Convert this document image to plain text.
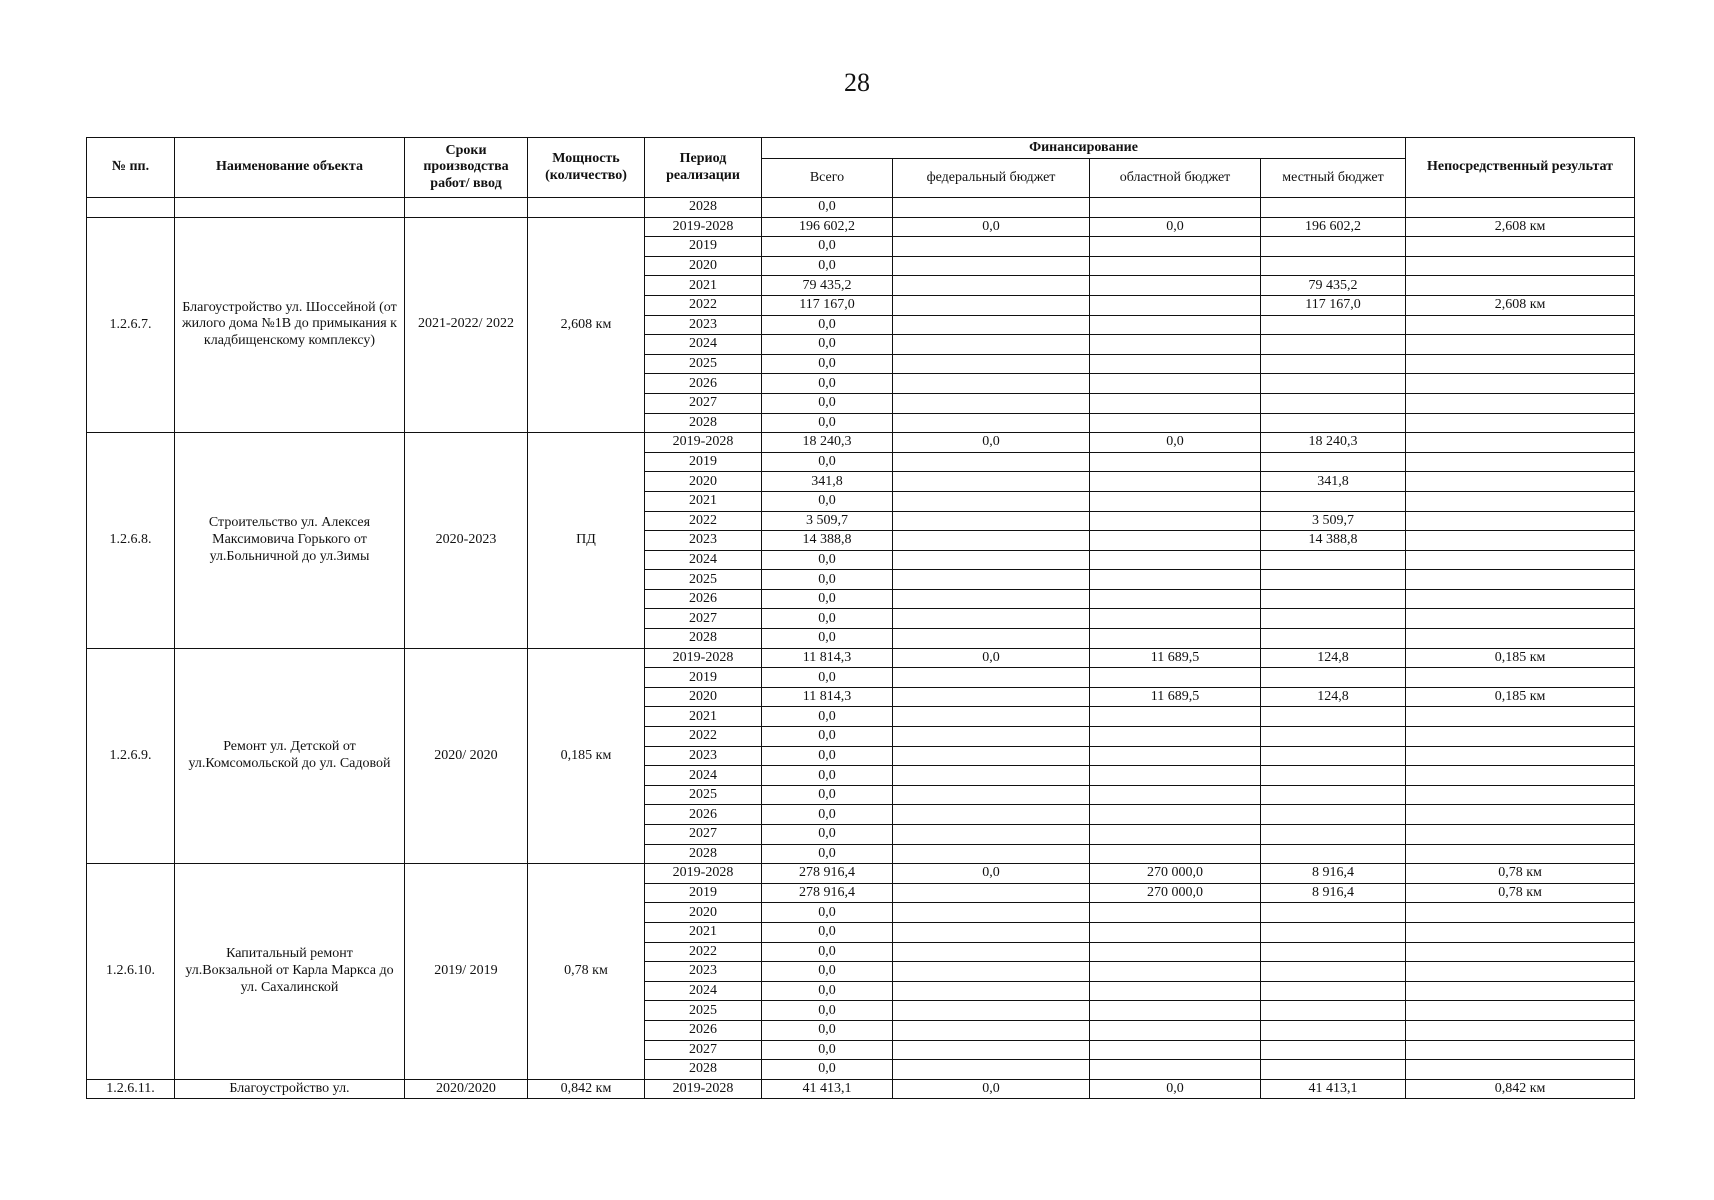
28
№ пп.	Наименование объекта	Сроки производства работ/ ввод	Мощность (количество)	Период реализации	Финансирование				Непосредственный результат
					Всего	федеральный бюджет	областной бюджет	местный бюджет	
				2028	0,0				
1.2.6.7.	Благоустройство ул. Шоссейной (от жилого дома №1В до примыкания к кладбищенскому комплексу)	2021-2022/ 2022	2,608 км	2019-2028	196 602,2	0,0	0,0	196 602,2	2,608 км
				2019	0,0				
				2020	0,0				
				2021	79 435,2			79 435,2	
				2022	117 167,0			117 167,0	2,608 км
				2023	0,0				
				2024	0,0				
				2025	0,0				
				2026	0,0				
				2027	0,0				
				2028	0,0				
1.2.6.8.	Строительство ул. Алексея Максимовича Горького от ул.Больничной до ул.Зимы	2020-2023	ПД	2019-2028	18 240,3	0,0	0,0	18 240,3	
				2019	0,0				
				2020	341,8			341,8	
				2021	0,0				
				2022	3 509,7			3 509,7	
				2023	14 388,8			14 388,8	
				2024	0,0				
				2025	0,0				
				2026	0,0				
				2027	0,0				
				2028	0,0				
1.2.6.9.	Ремонт ул. Детской от ул.Комсомольской до ул. Садовой	2020/ 2020	0,185 км	2019-2028	11 814,3	0,0	11 689,5	124,8	0,185 км
				2019	0,0				
				2020	11 814,3		11 689,5	124,8	0,185 км
				2021	0,0				
				2022	0,0				
				2023	0,0				
				2024	0,0				
				2025	0,0				
				2026	0,0				
				2027	0,0				
				2028	0,0				
1.2.6.10.	Капитальный ремонт ул.Вокзальной от Карла Маркса до ул. Сахалинской	2019/ 2019	0,78 км	2019-2028	278 916,4	0,0	270 000,0	8 916,4	0,78 км
				2019	278 916,4		270 000,0	8 916,4	0,78 км
				2020	0,0				
				2021	0,0				
				2022	0,0				
				2023	0,0				
				2024	0,0				
				2025	0,0				
				2026	0,0				
				2027	0,0				
				2028	0,0				
1.2.6.11.	Благоустройство ул.	2020/2020	0,842 км	2019-2028	41 413,1	0,0	0,0	41 413,1	0,842 км
